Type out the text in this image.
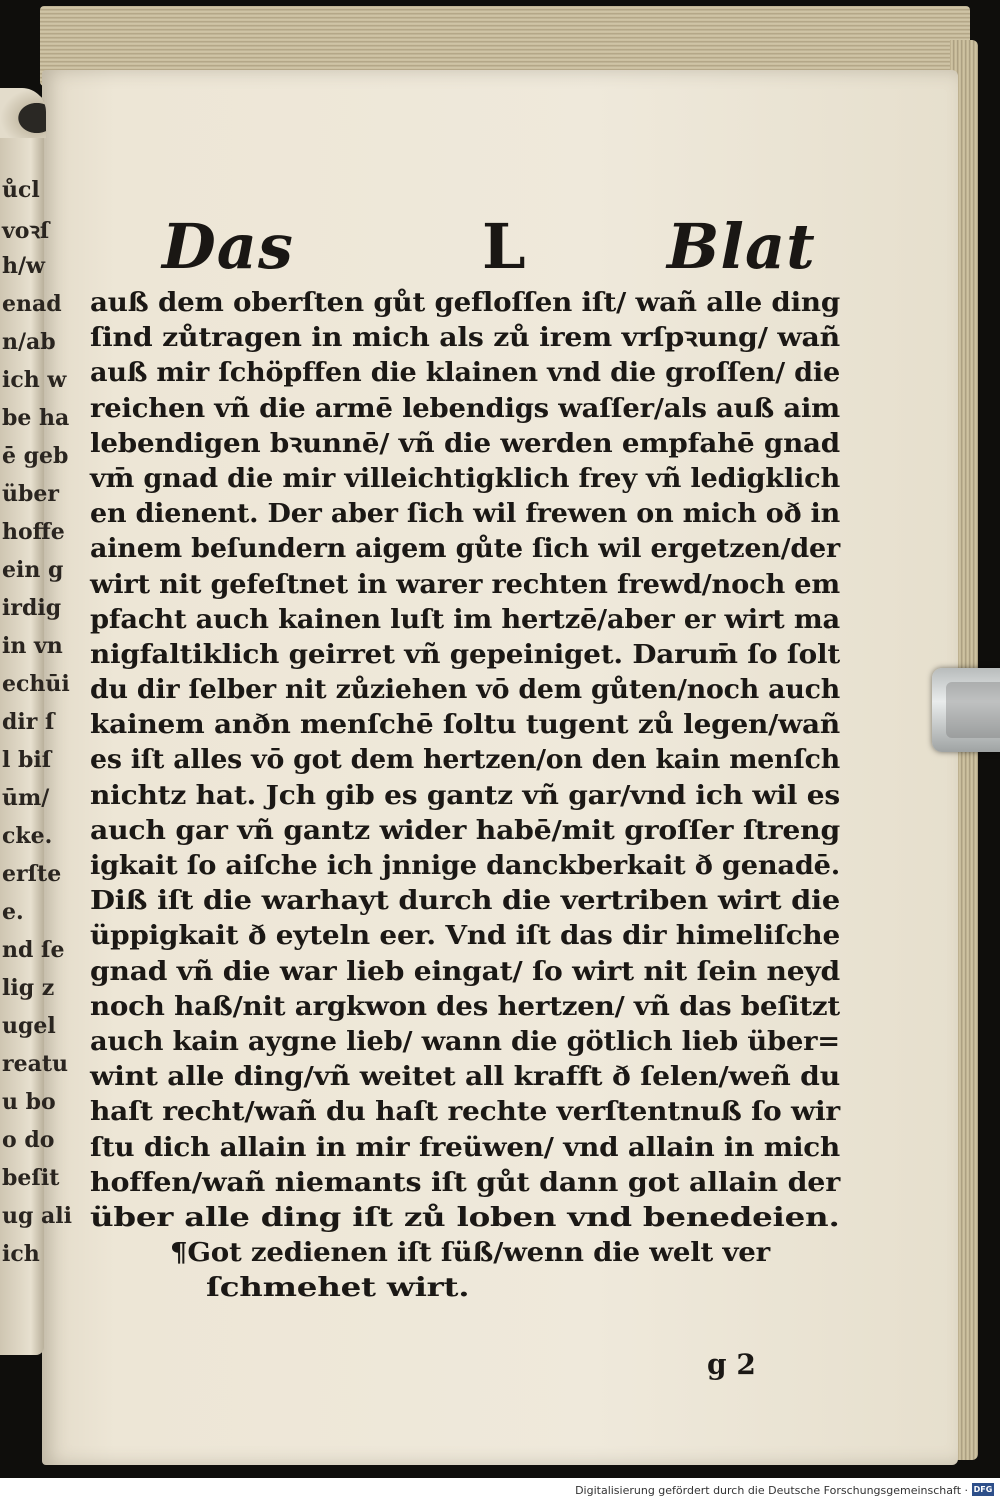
Das	L Blat
auß dem oberſten gůt gefloſſen iſt/ wañ alle ding
ſind zůtragen in mich als zů irem vrſpꝛung/ wañ
auß mir ſchöpffen die klainen vnd die groſſen/ die
reichen vñ die armē lebendigs waſſer/als auß aim
lebendigen bꝛunnē/ vñ die werden empfahē gnad
vm̄ gnad die mir villeichtigklich frey vñ ledigklich
en dienent. Der aber ſich wil frewen on mich oð in
ainem beſundern aigem gůte ſich wil ergetzen/der
wirt nit gefeſtnet in warer rechten frewd/noch em
pfacht auch kainen luſt im hertzē/aber er wirt ma
nigfaltiklich geirret vñ gepeiniget. Darum̄ ſo ſolt
du dir ſelber nit zůziehen vō dem gůten/noch auch
kainem anðn menſchē ſoltu tugent zů legen/wañ
es iſt alles vō got dem hertzen/on den kain menſch
nichtz hat. Jch gib es gantz vñ gar/vnd ich wil es
auch gar vñ gantz wider habē/mit groſſer ſtreng
igkait ſo aiſche ich jnnige danckberkait ð genadē.
Diß iſt die warhayt durch die vertriben wirt die
üppigkait ð eyteln eer. Vnd iſt das dir himeliſche
gnad vñ die war lieb eingat/ ſo wirt nit ſein neyd
noch haß/nit argkwon des hertzen/ vñ das beſitzt
auch kain aygne lieb/ wann die götlich lieb über=
wint alle ding/vñ weitet all krafft ð ſelen/weñ du
haſt recht/wañ du haſt rechte verſtentnuß ſo wir
ſtu dich allain in mir freüwen/ vnd allain in mich
hoffen/wañ niemants iſt gůt dann got allain der
über alle ding iſt zů loben vnd benedeien.
¶Got zedienen iſt ſüß/wenn die welt ver
ſchmehet wirt.
g 2
ůcl
voꝛſ
h/w
enad
n/ab
ich w
be ha
ē geb
über
hoffe
ein g
irdig
in vn
echūi
dir ſ
l biſ
ūm/
cke.
erſte
e.
nd ſe
lig z
ugel
reatu
u bo
o do
beſit
ug ali
ich
Digitalisierung gefördert durch die Deutsche Forschungsgemeinschaft · DFG
